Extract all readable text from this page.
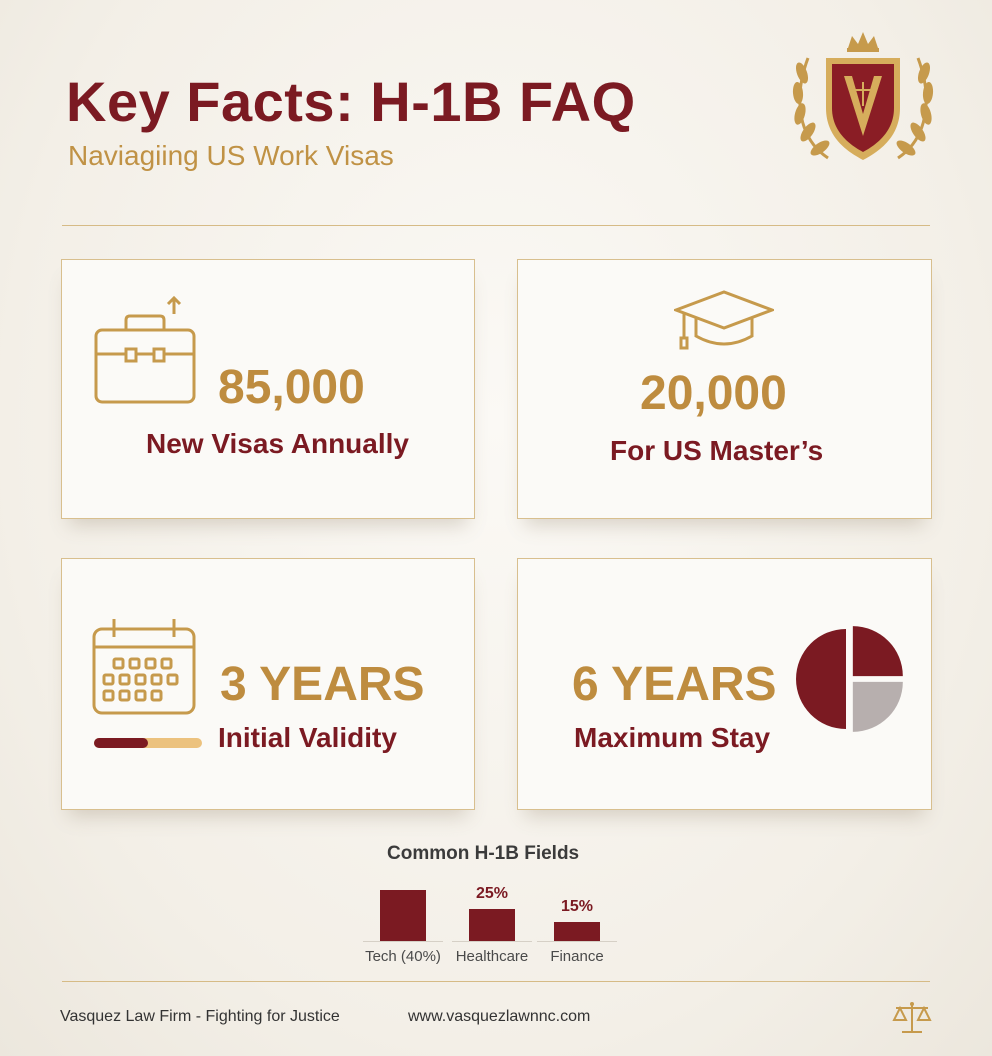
Key Facts: H-1B FAQ
Naviagiing US Work Visas
85,000
New Visas Annually
20,000
For US Master’s
3 YEARS
Initial Validity
6 YEARS
Maximum Stay
Common H-1B Fields
Tech (40%)
25%
Healthcare
15%
Finance
Vasquez Law Firm - Fighting for Justice	www.vasquezlawnnc.com
